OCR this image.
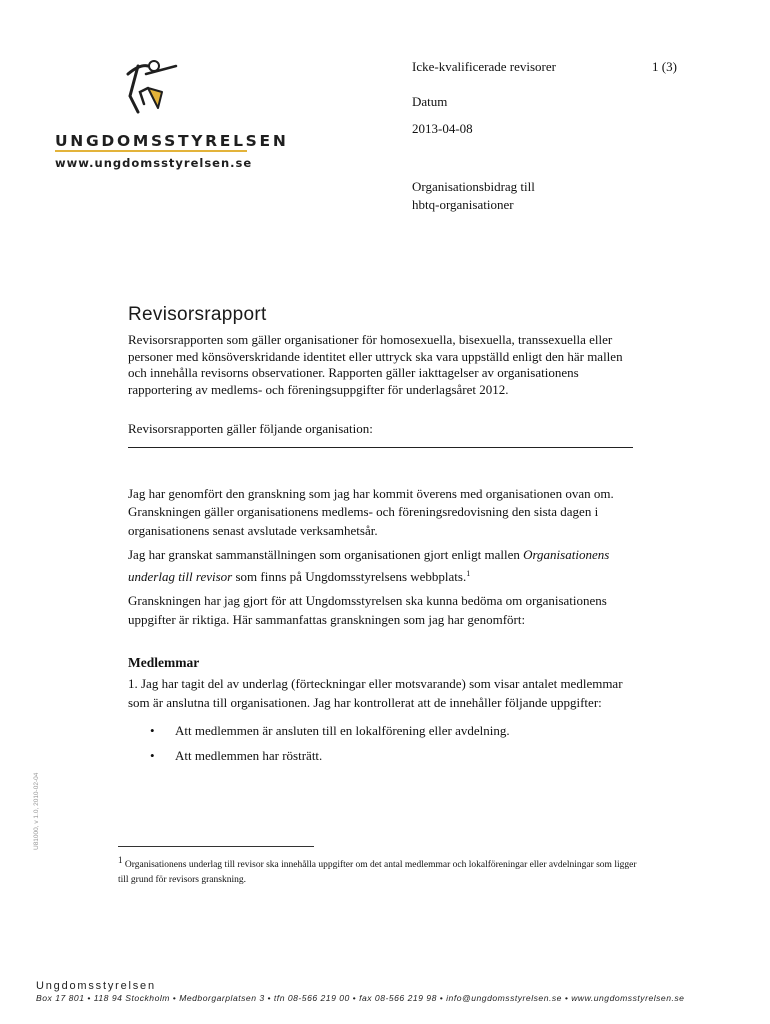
UNGDOMSSTYRELSEN
www.ungdomsstyrelsen.se
Icke-kvalificerade revisorer	1 (3)
Datum
2013-04-08
Organisationsbidrag till
hbtq-organisationer
Revisorsrapport

Revisorsrapporten som gäller organisationer för homosexuella, bisexuella, transsexuella eller personer med könsöverskridande identitet eller uttryck ska vara uppställd enligt den här mallen och innehålla revisorns observationer. Rapporten gäller iakttagelser av organisationens rapportering av medlems- och föreningsuppgifter för underlagsåret 2012.

Revisorsrapporten gäller följande organisation:

Jag har genomfört den granskning som jag har kommit överens med organisationen ovan om. Granskningen gäller organisationens medlems- och föreningsredovisning den sista dagen i organisationens senast avslutade verksamhetsår.

Jag har granskat sammanställningen som organisationen gjort enligt mallen Organisationens underlag till revisor som finns på Ungdomsstyrelsens webbplats.$^1$

Granskningen har jag gjort för att Ungdomsstyrelsen ska kunna bedöma om organisationens uppgifter är riktiga. Här sammanfattas granskningen som jag har genomfört:

Medlemmar

1. Jag har tagit del av underlag (förteckningar eller motsvarande) som visar antalet medlemmar som är anslutna till organisationen. Jag har kontrollerat att de innehåller följande uppgifter:

• Att medlemmen är ansluten till en lokalförening eller avdelning.
• Att medlemmen har rösträtt.
$^1$ Organisationens underlag till revisor ska innehålla uppgifter om det antal medlemmar och lokalföreningar eller avdelningar som ligger till grund för revisors granskning.
U81000, v 1.0, 2010-02-04
Ungdomsstyrelsen
Box 17 801 • 118 94 Stockholm • Medborgarplatsen 3 • tfn 08-566 219 00 • fax 08-566 219 98 • info@ungdomsstyrelsen.se • www.ungdomsstyrelsen.se
